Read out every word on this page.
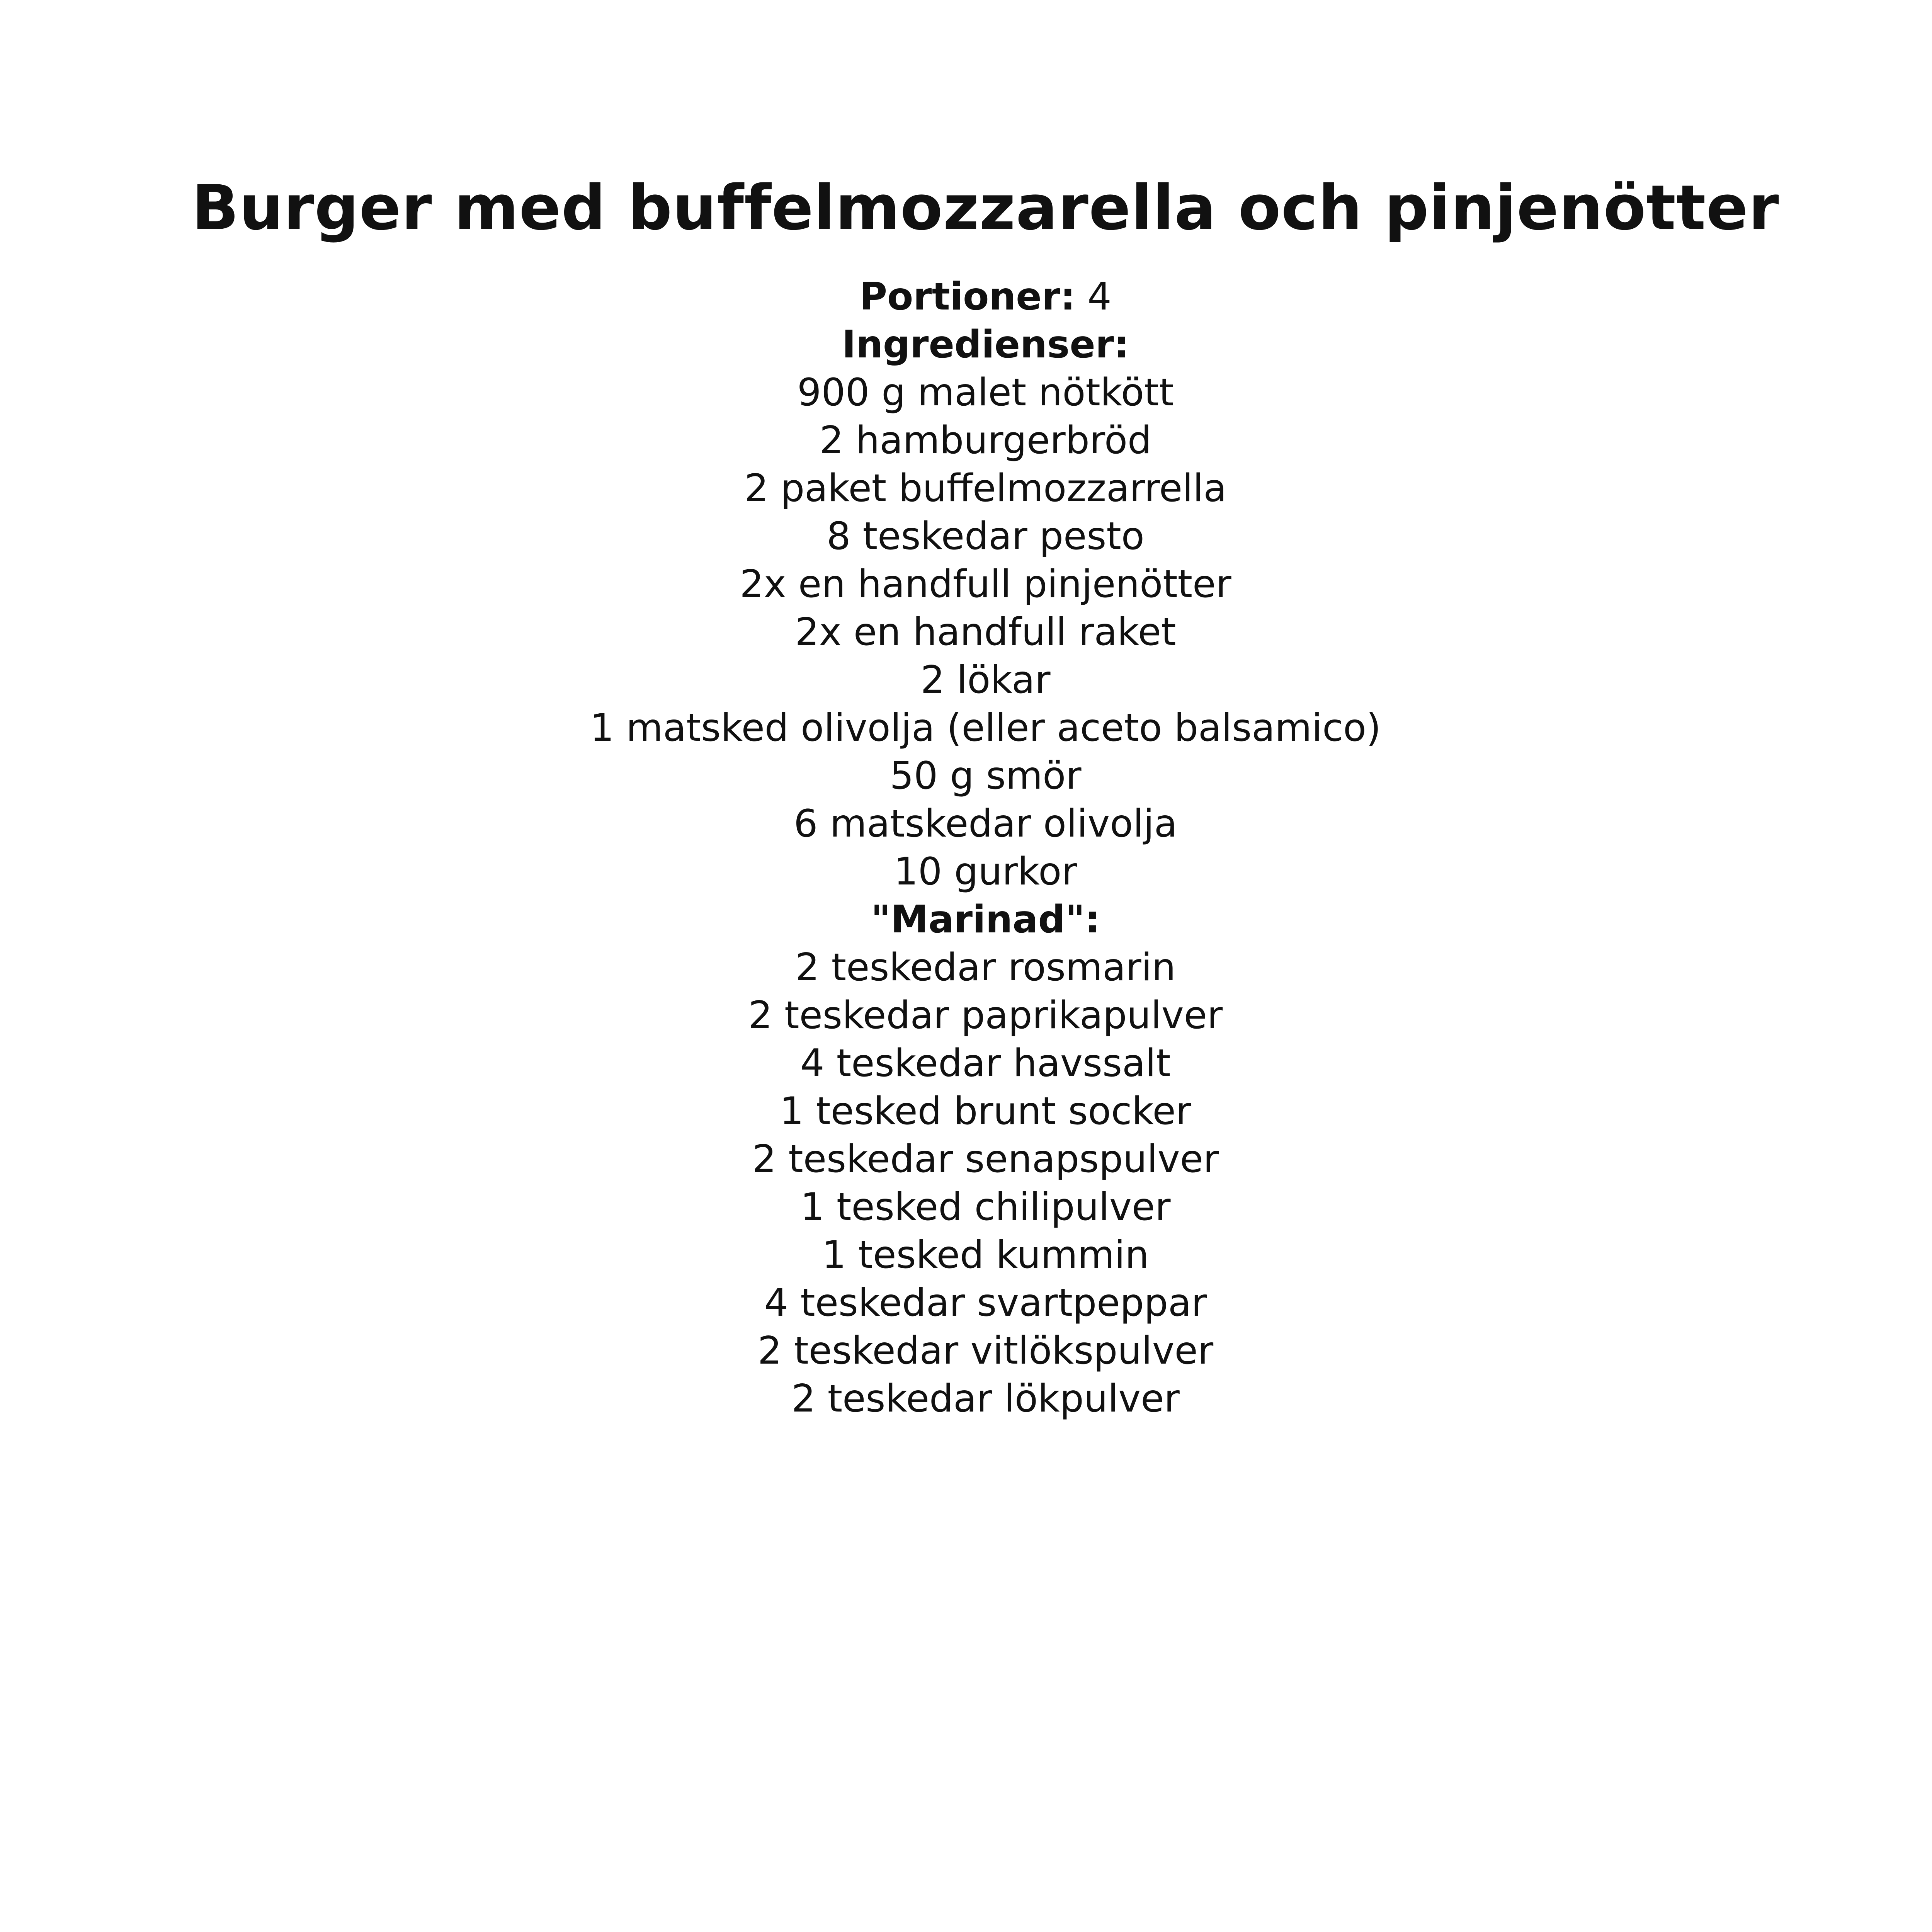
Burger med buffelmozzarella och pinjenötter

Portioner: 4

Ingredienser:

900 g malet nötkött

2 hamburgerbröd

2 paket buffelmozzarrella

8 teskedar pesto

2x en handfull pinjenötter

2x en handfull raket

2 lökar

1 matsked olivolja (eller aceto balsamico)

50 g smör

6 matskedar olivolja

10 gurkor

"Marinad":

2 teskedar rosmarin

2 teskedar paprikapulver

4 teskedar havssalt

1 tesked brunt socker

2 teskedar senapspulver

1 tesked chilipulver

1 tesked kummin

4 teskedar svartpeppar

2 teskedar vitlökspulver

2 teskedar lökpulver
